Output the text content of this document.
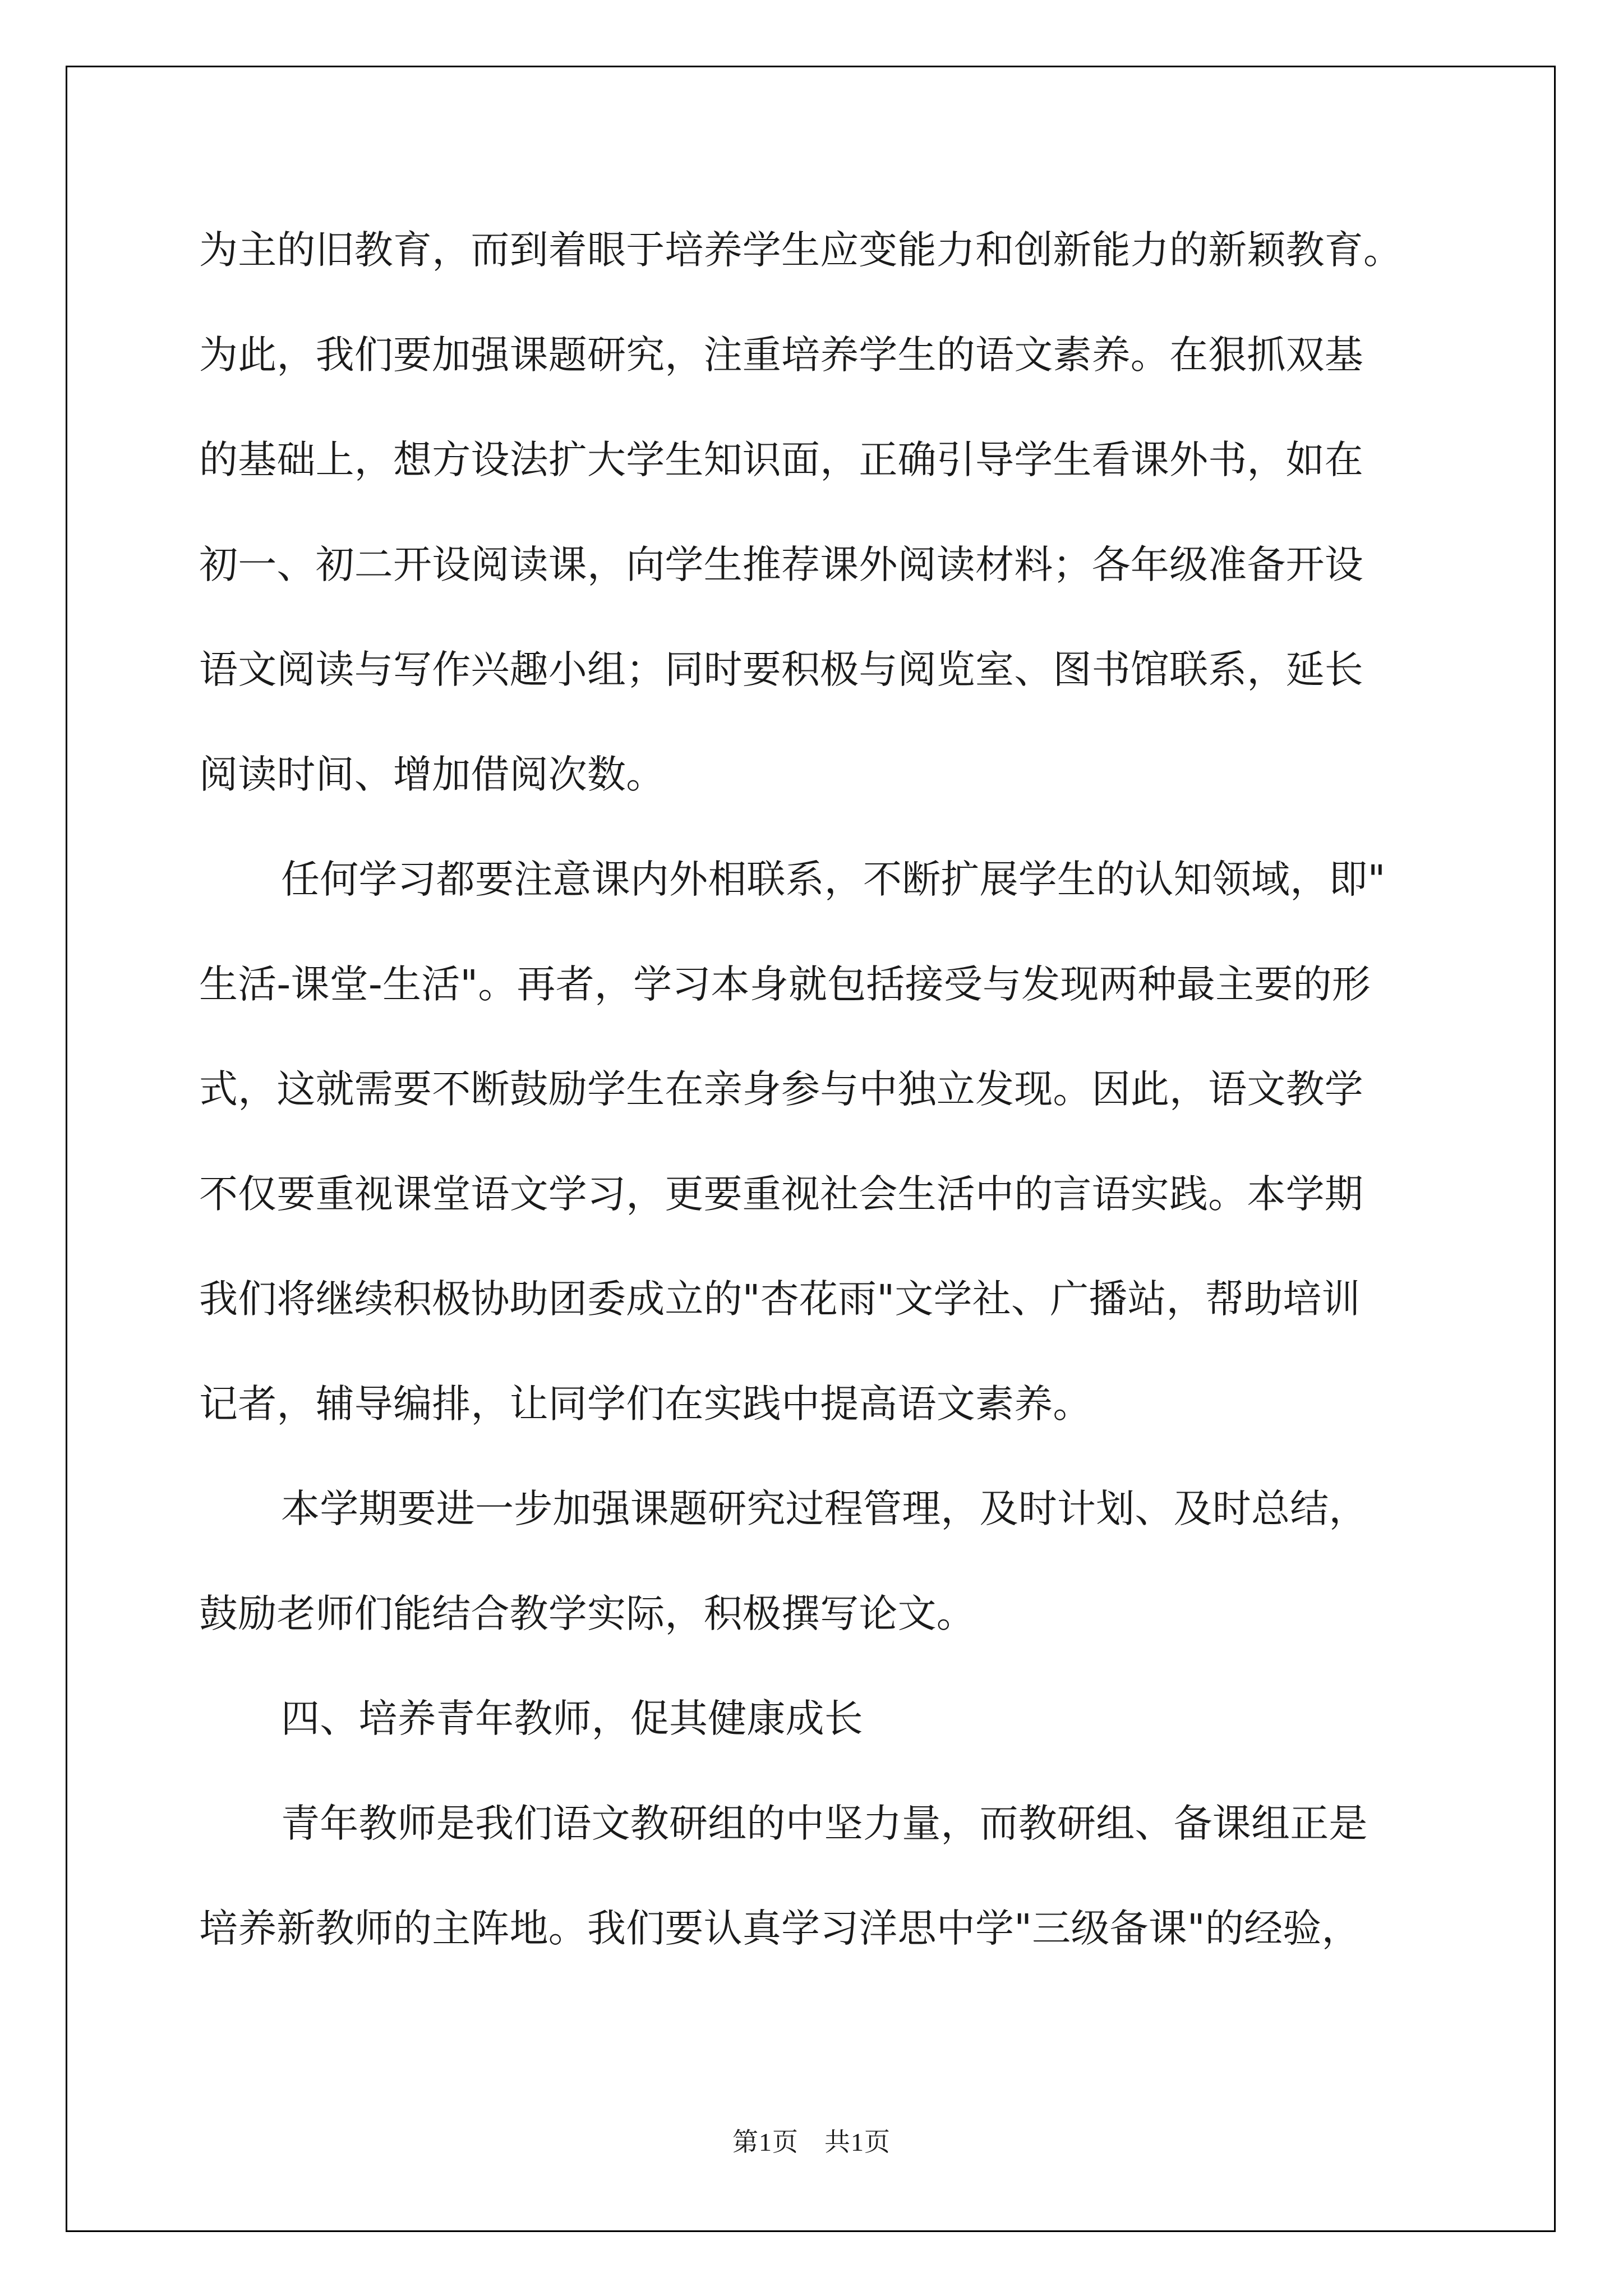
为主的旧教育，而到着眼于培养学生应变能力和创新能力的新颖教育。
为此，我们要加强课题研究，注重培养学生的语文素养。在狠抓双基
的基础上，想方设法扩大学生知识面，正确引导学生看课外书，如在
初一、初二开设阅读课，向学生推荐课外阅读材料；各年级准备开设
语文阅读与写作兴趣小组；同时要积极与阅览室、图书馆联系，延长
阅读时间、增加借阅次数。
任何学习都要注意课内外相联系，不断扩展学生的认知领域，即"
生活-课堂-生活"。再者，学习本身就包括接受与发现两种最主要的形
式，这就需要不断鼓励学生在亲身参与中独立发现。因此，语文教学
不仅要重视课堂语文学习，更要重视社会生活中的言语实践。本学期
我们将继续积极协助团委成立的"杏花雨"文学社、广播站，帮助培训
记者，辅导编排，让同学们在实践中提高语文素养。
本学期要进一步加强课题研究过程管理，及时计划、及时总结，
鼓励老师们能结合教学实际，积极撰写论文。
四、培养青年教师，促其健康成长
青年教师是我们语文教研组的中坚力量，而教研组、备课组正是
培养新教师的主阵地。我们要认真学习洋思中学"三级备课"的经验，
第1页 共1页
